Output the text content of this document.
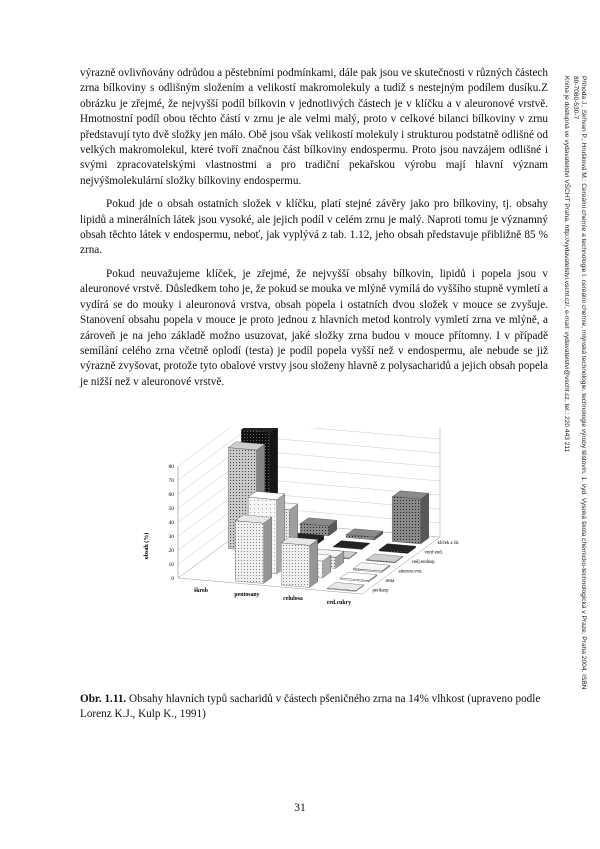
výrazně ovlivňovány odrůdou a pěstebními podmínkami, dále pak jsou ve skutečnosti v různých částech zrna bílkoviny s odlišným složením a velikostí makromolekuly a tudíž s nestejným podílem dusíku.Z obrázku je zřejmé, že nejvyšší podíl bílkovin v jednotlivých částech je v klíčku a v aleuronové vrstvě. Hmotnostní podíl obou těchto částí v zrnu je ale velmi malý, proto v celkové bilanci bílkoviny v zrnu představují tyto dvě složky jen málo. Obě jsou však velikostí molekuly i strukturou podstatně odlišné od velkých makromolekul, které tvoří značnou část bílkoviny endospermu. Proto jsou navzájem odlišné i svými zpracovatelskými vlastnostmi a pro tradiční pekařskou výrobu mají hlavní význam nejvýšmolekulární složky bílkoviny endospermu.

Pokud jde o obsah ostatních složek v klíčku, platí stejné závěry jako pro bílkoviny, tj. obsahy lipidů a minerálních látek jsou vysoké, ale jejich podíl v celém zrnu je malý. Naproti tomu je významný obsah těchto látek v endospermu, neboť, jak vyplývá z tab. 1.12, jeho obsah představuje přibližně 85 % zrna.

Pokud neuvažujeme klíček, je zřejmé, že nejvyšší obsahy bílkovin, lipidů i popela jsou v aleuronové vrstvě. Důsledkem toho je, že pokud se mouka ve mlýně vymílá do vyššího stupně vymletí a vydírá se do mouky i aleuronová vrstva, obsah popela i ostatních dvou složek v mouce se zvyšuje. Stanovení obsahu popela v mouce je proto jednou z hlavních metod kontroly vymletí zrna ve mlýně, a zároveň je na jeho základě možno usuzovat, jaké složky zrna budou v mouce přítomny. I v případě semílání celého zrna včetně oplodí (testa) je podíl popela vyšší než v endospermu, ale nebude se již výrazně zvyšovat, protože tyto obalové vrstvy jsou složeny hlavně z polysacharidů a jejich obsah popela je nižší než v aleuronové vrstvě.	Příhoda J., Skřivan P., Hrušková M.: Cereální chemie a technologie I. cereální chemie, mlýnská technologie, technologie výroby těstovin. 1. vyd. Vysoká škola chemicko-technologická v Praze, Praha 2004. ISBN
80-7080-530-7
Kniha je dostupná ve vydavatelství VŠCHT Praha, http://vydavatelstvi.vscht.cz/, e-mail: vydavatelstvi@vscht.cz, tel.: 220 443 211
0
10
20
30
40
50
60
70
80
škrob
pentosany
celulosa
red.cukry
klíček a šit.
vnitř.end.
vněj.endosp.
aleuron.vrst.
testa
perikarp
obsah (%)
Obr. 1.11. Obsahy hlavních typů sacharidů v částech pšeničného zrna na 14% vlhkost (upraveno podle Lorenz K.J., Kulp K., 1991)
31
